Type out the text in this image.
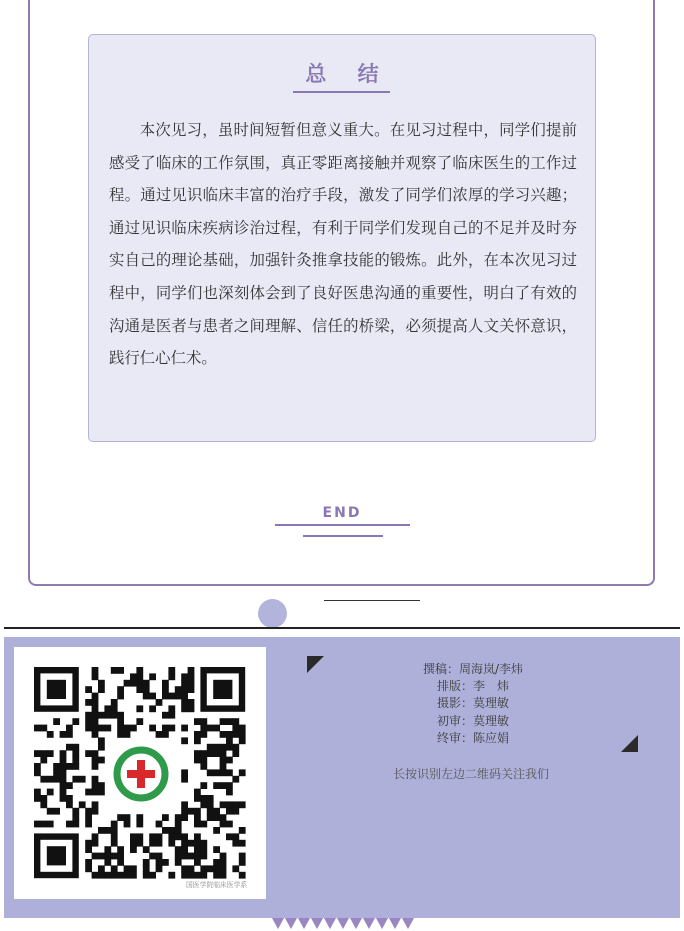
总 结

本次见习，虽时间短暂但意义重大。在见习过程中，同学们提前感受了临床的工作氛围，真正零距离接触并观察了临床医生的工作过程。通过见识临床丰富的治疗手段，激发了同学们浓厚的学习兴趣；通过见识临床疾病诊治过程，有利于同学们发现自己的不足并及时夯实自己的理论基础，加强针灸推拿技能的锻炼。此外，在本次见习过程中，同学们也深刻体会到了良好医患沟通的重要性，明白了有效的沟通是医者与患者之间理解、信任的桥梁，必须提高人文关怀意识，践行仁心仁术。

END
国医学院临床医学系
撰稿：周海岚/李炜
排版：李　炜
摄影：莫理敏
初审：莫理敏
终审：陈应娟
长按识别左边二维码关注我们
